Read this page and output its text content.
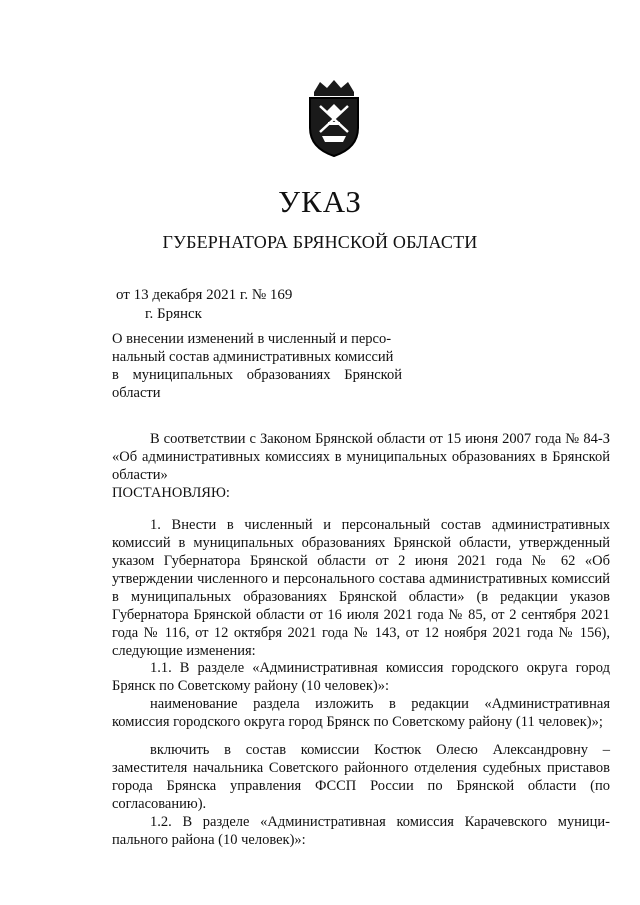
УКАЗ
ГУБЕРНАТОРА БРЯНСКОЙ ОБЛАСТИ
от 13 декабря 2021 г. № 169
г. Брянск
О внесении изменений в численный и персо-
нальный состав административных комиссий
в муниципальных образованиях Брянской
области
В соответствии с Законом Брянской области от 15 июня 2007 года № 84-З «Об административных комиссиях в муниципальных образованиях в Брянской области»
ПОСТАНОВЛЯЮ:
1. Внести в численный и персональный состав административных комиссий в муниципальных образованиях Брянской области, утвержденный указом Губернатора Брянской области от 2 июня 2021 года № 62 «Об утверждении численного и персонального состава административных комиссий в муниципальных образованиях Брянской области» (в редакции указов Губернатора Брянской области от 16 июля 2021 года № 85, от 2 сентября 2021 года № 116, от 12 октября 2021 года № 143, от 12 ноября 2021 года № 156), следующие изменения:
1.1. В разделе «Административная комиссия городского округа город Брянск по Советскому району (10 человек)»:
наименование раздела изложить в редакции «Административная комиссия городского округа город Брянск по Советскому району (11 человек)»;
включить в состав комиссии Костюк Олесю Александровну – заместителя начальника Советского районного отделения судебных приставов города Брянска управления ФССП России по Брянской области (по согласованию).
1.2. В разделе «Административная комиссия Карачевского муници-пального района (10 человек)»:
